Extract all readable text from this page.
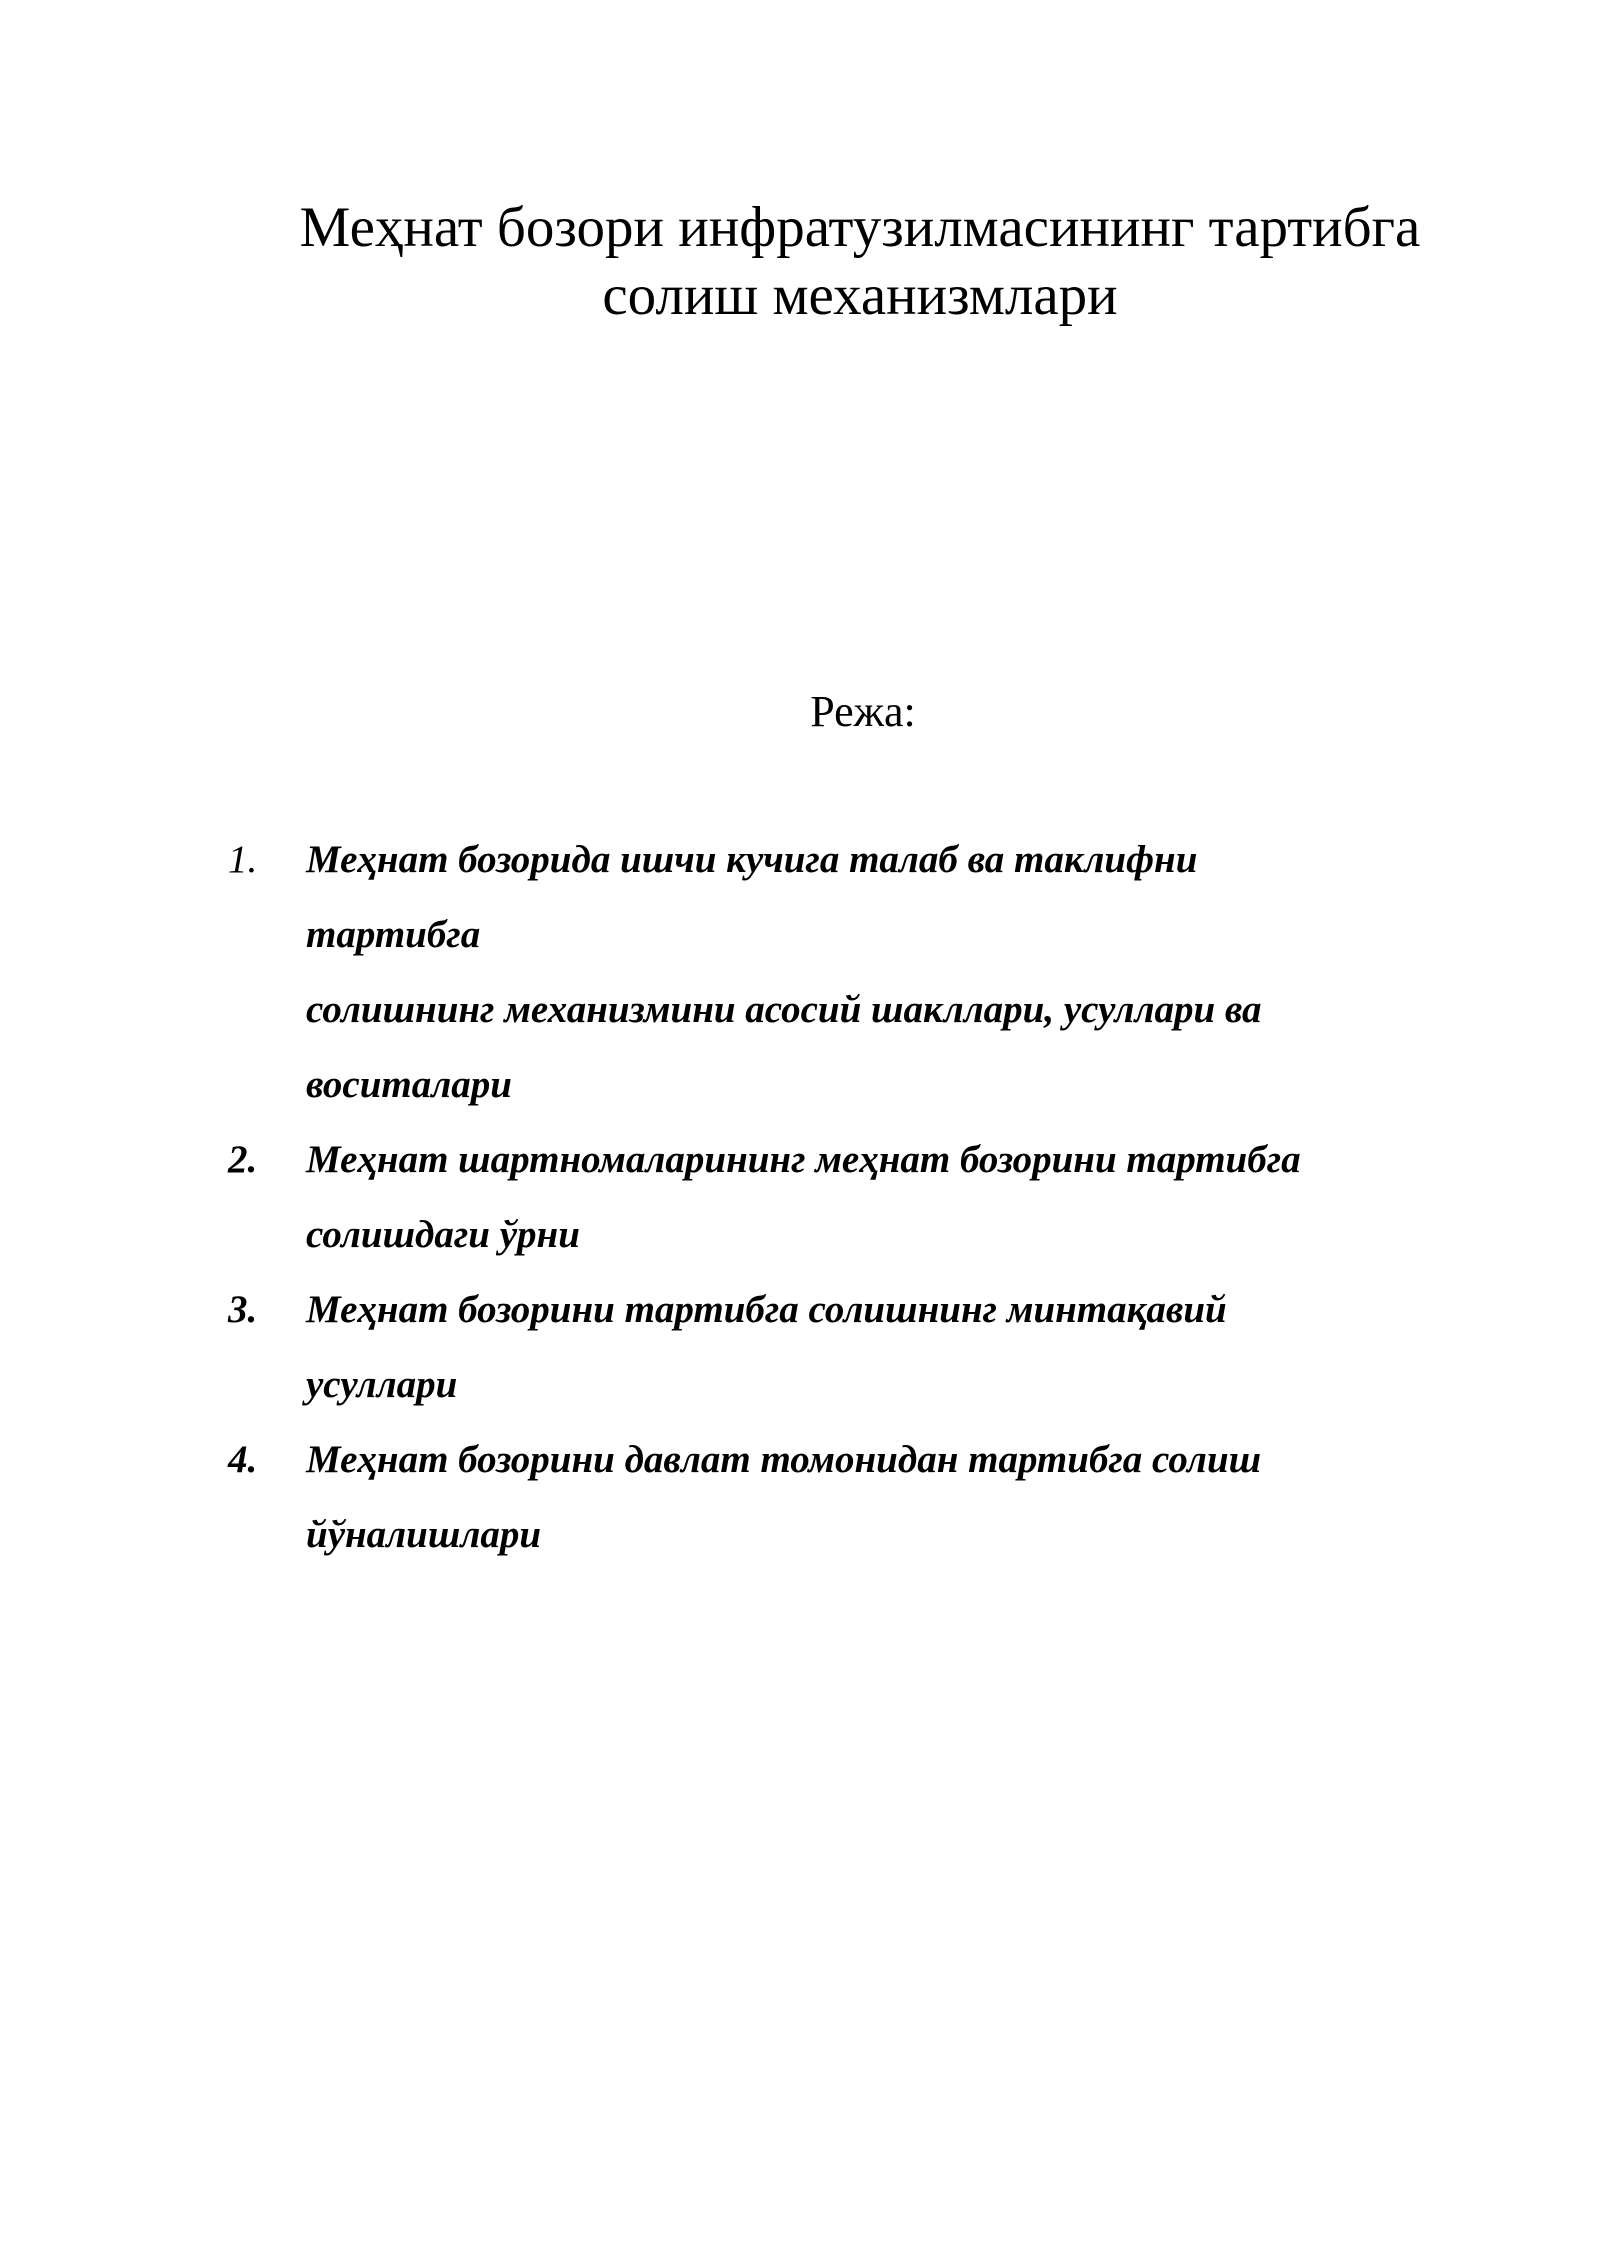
Меҳнат бозори инфратузилмасининг тартибга
солиш механизмлари
Режа:
1. Меҳнат бозорида ишчи кучига талаб ва таклифни
тартибга
солишнинг механизмини асосий шакллари, усуллари ва
воситалари
2. Меҳнат шартномаларининг меҳнат бозорини тартибга
солишдаги ўрни
3. Меҳнат бозорини тартибга солишнинг минтақавий
усуллари
4. Меҳнат бозорини давлат томонидан тартибга солиш
йўналишлари
